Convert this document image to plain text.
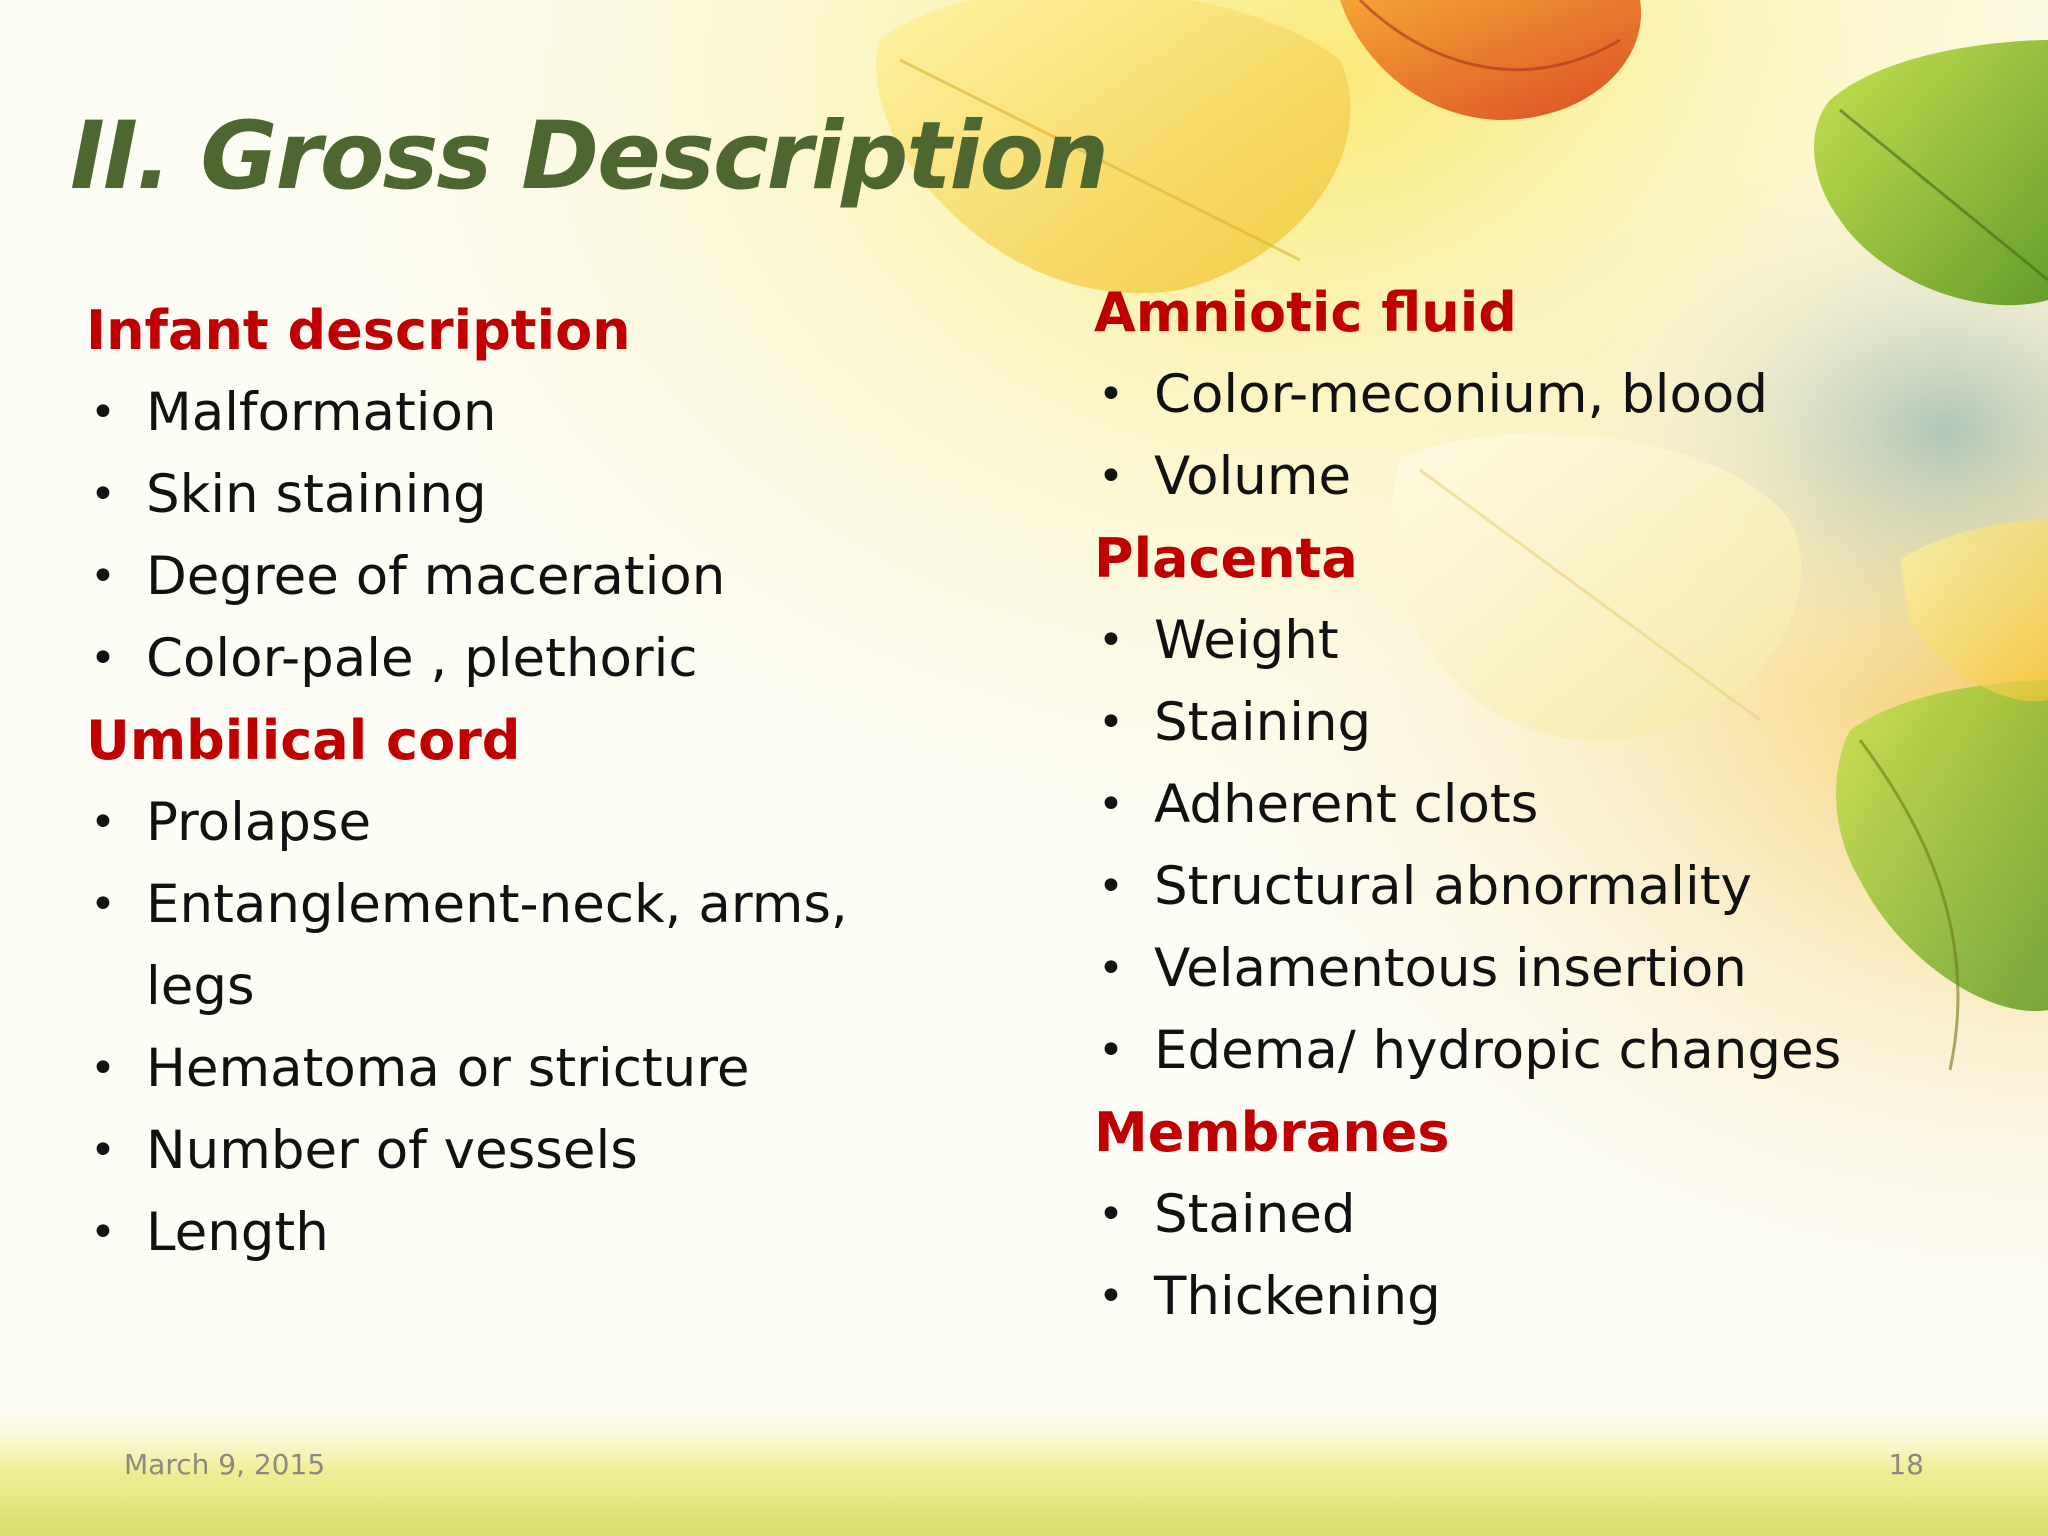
II. Gross Description
Infant description
• Malformation
• Skin staining
• Degree of maceration
• Color-pale , plethoric
Umbilical cord
• Prolapse
• Entanglement-neck, arms,
legs
• Hematoma or stricture
• Number of vessels
• Length
Amniotic fluid
• Color-meconium, blood
• Volume
Placenta
• Weight
• Staining
• Adherent clots
• Structural abnormality
• Velamentous insertion
• Edema/ hydropic changes
Membranes
• Stained
• Thickening
March 9, 2015	18
